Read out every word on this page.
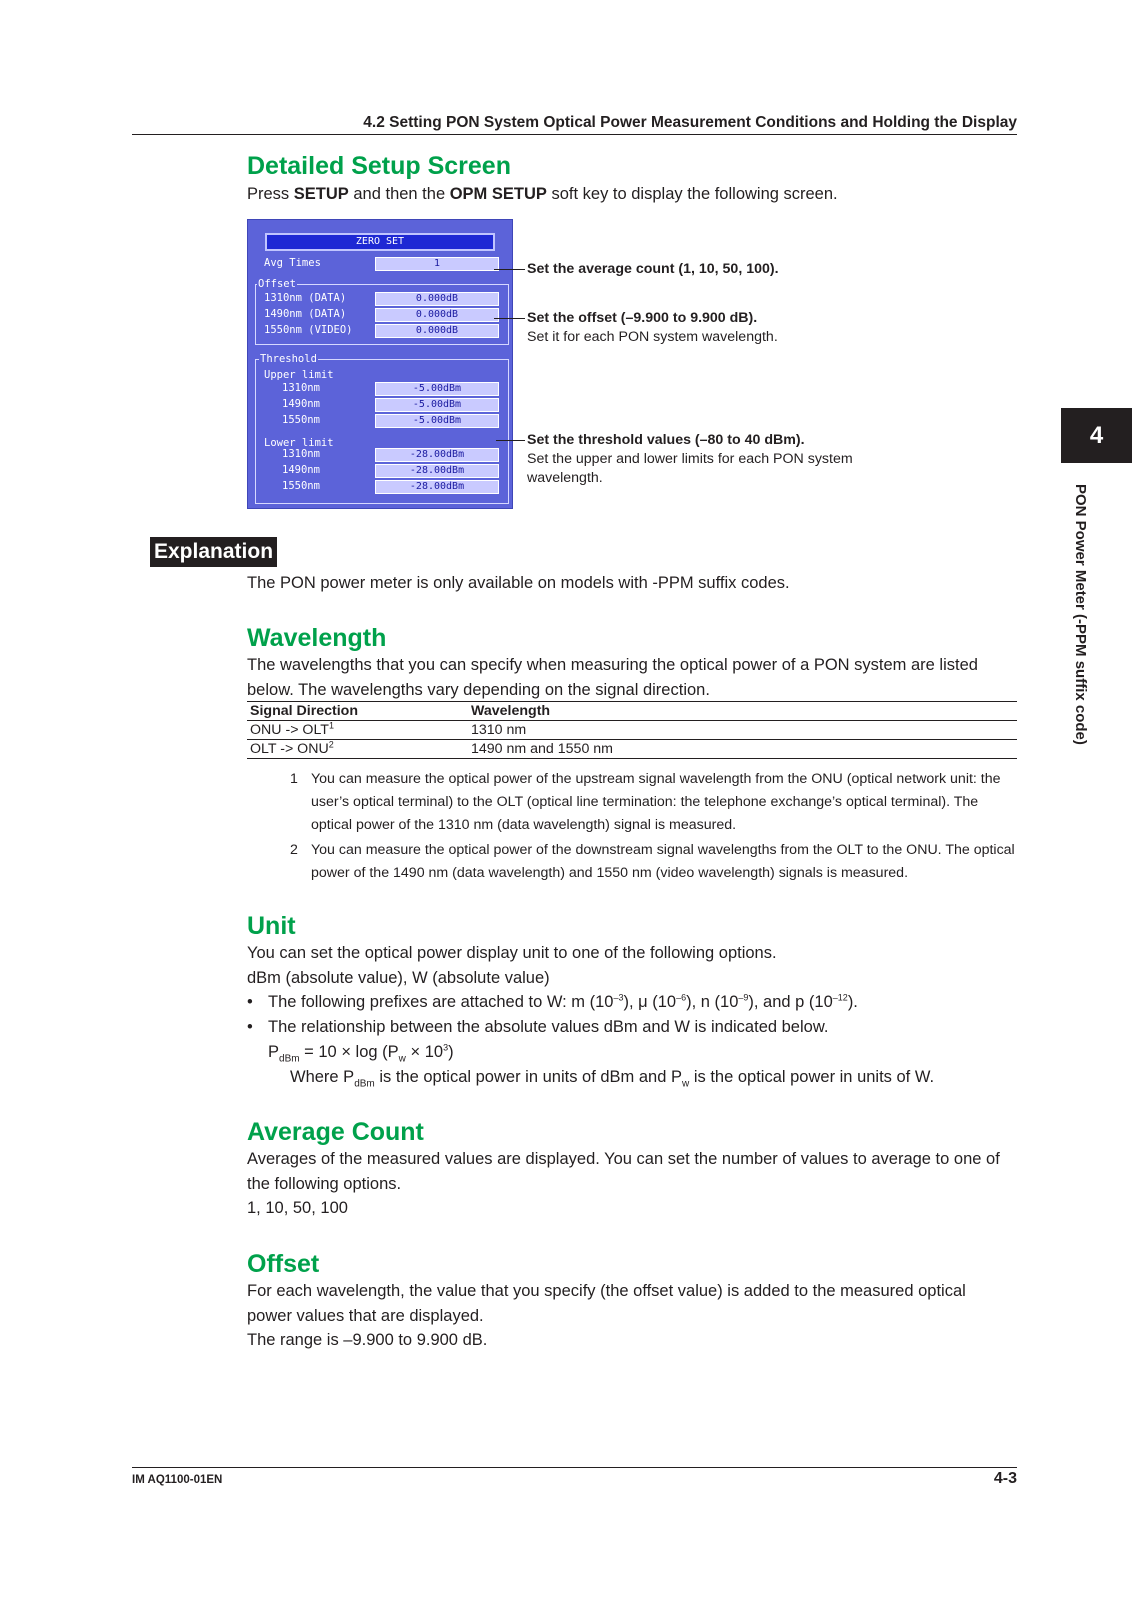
4.2 Setting PON System Optical Power Measurement Conditions and Holding the Display
Detailed Setup Screen

Press SETUP and then the OPM SETUP soft key to display the following screen.

ZERO SET
Avg Times	1
Offset
1310nm (DATA)	0.000dB
1490nm (DATA)	0.000dB
1550nm (VIDEO)	0.000dB
Threshold
Upper limit
1310nm	-5.00dBm
1490nm	-5.00dBm
1550nm	-5.00dBm
Lower limit
1310nm	-28.00dBm
1490nm	-28.00dBm
1550nm	-28.00dBm
Set the average count (1, 10, 50, 100).
Set the offset (–9.900 to 9.900 dB).
Set it for each PON system wavelength.
Set the threshold values (–80 to 40 dBm).
Set the upper and lower limits for each PON system wavelength.
Explanation

The PON power meter is only available on models with -PPM suffix codes.

Wavelength

The wavelengths that you can specify when measuring the optical power of a PON system are listed below. The wavelengths vary depending on the signal direction.

Signal Direction	Wavelength
ONU -> $OLT^1$	1310 nm
OLT -> $ONU^2$	1490 nm and 1550 nm
1 You can measure the optical power of the upstream signal wavelength from the ONU (optical network unit: the user’s optical terminal) to the OLT (optical line termination: the telephone exchange’s optical terminal). The optical power of the 1310 nm (data wavelength) signal is measured.
2 You can measure the optical power of the downstream signal wavelengths from the OLT to the ONU. The optical power of the 1490 nm (data wavelength) and 1550 nm (video wavelength) signals is measured.
Unit

You can set the optical power display unit to one of the following options.

dBm (absolute value), W (absolute value)

• The following prefixes are attached to W: m $(10^{-3})$, μ $(10^{-6})$, n $(10^{-9})$, and p $(10^{-12})$.
• The relationship between the absolute values dBm and W is indicated below.

$P_{dBm} = 10 \times \log (P_w \times 10^3)$

Where $P_{dBm}$ is the optical power in units of dBm and $P_w$ is the optical power in units of W.

Average Count

Averages of the measured values are displayed. You can set the number of values to average to one of the following options.

1, 10, 50, 100

Offset

For each wavelength, the value that you specify (the offset value) is added to the measured optical power values that are displayed.

The range is –9.900 to 9.900 dB.

4
PON Power Meter (-PPM suffix code)
IM AQ1100-01EN	4-3
